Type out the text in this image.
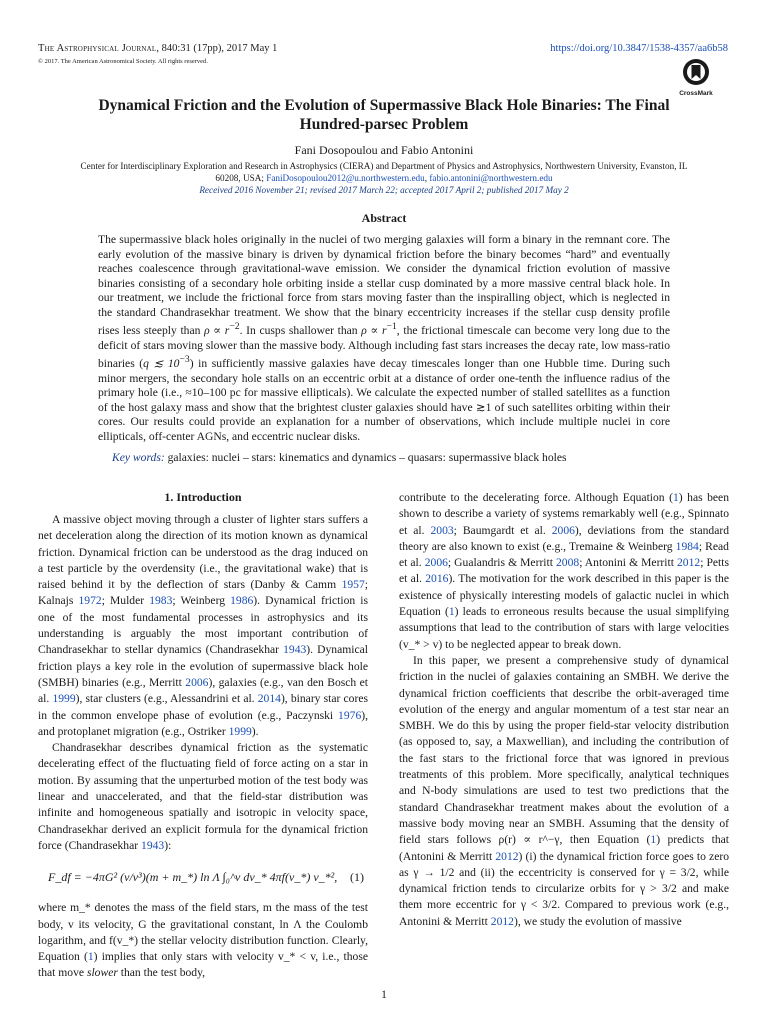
The Astrophysical Journal, 840:31 (17pp), 2017 May 1
© 2017. The American Astronomical Society. All rights reserved.
https://doi.org/10.3847/1538-4357/aa6b58
CrossMark
Dynamical Friction and the Evolution of Supermassive Black Hole Binaries: The Final
Hundred-parsec Problem
Fani Dosopoulou and Fabio Antonini
Center for Interdisciplinary Exploration and Research in Astrophysics (CIERA) and Department of Physics and Astrophysics, Northwestern University, Evanston, IL
60208, USA; FaniDosopoulou2012@u.northwestern.edu, fabio.antonini@northwestern.edu
Received 2016 November 21; revised 2017 March 22; accepted 2017 April 2; published 2017 May 2
Abstract
The supermassive black holes originally in the nuclei of two merging galaxies will form a binary in the remnant core. The early evolution of the massive binary is driven by dynamical friction before the binary becomes “hard” and eventually reaches coalescence through gravitational-wave emission. We consider the dynamical friction evolution of massive binaries consisting of a secondary hole orbiting inside a stellar cusp dominated by a more massive central black hole. In our treatment, we include the frictional force from stars moving faster than the inspiralling object, which is neglected in the standard Chandrasekhar treatment. We show that the binary eccentricity increases if the stellar cusp density profile rises less steeply than $\rho \propto r^{-2}$. In cusps shallower than $\rho \propto r^{-1}$, the frictional timescale can become very long due to the deficit of stars moving slower than the massive body. Although including fast stars increases the decay rate, low mass-ratio binaries (q ≲ $10^{-3}$) in sufficiently massive galaxies have decay timescales longer than one Hubble time. During such minor mergers, the secondary hole stalls on an eccentric orbit at a distance of order one-tenth the influence radius of the primary hole (i.e., ≈10–100 pc for massive ellipticals). We calculate the expected number of stalled satellites as a function of the host galaxy mass and show that the brightest cluster galaxies should have ≳1 of such satellites orbiting within their cores. Our results could provide an explanation for a number of observations, which include multiple nuclei in core ellipticals, off-center AGNs, and eccentric nuclear disks.
Key words: galaxies: nuclei – stars: kinematics and dynamics – quasars: supermassive black holes
1. Introduction

A massive object moving through a cluster of lighter stars suffers a net deceleration along the direction of its motion known as dynamical friction. Dynamical friction can be understood as the drag induced on a test particle by the overdensity (i.e., the gravitational wake) that is raised behind it by the deflection of stars (Danby & Camm 1957; Kalnajs 1972; Mulder 1983; Weinberg 1986). Dynamical friction is one of the most fundamental processes in astrophysics and its understanding is arguably the most important contribution of Chandrasekhar to stellar dynamics (Chandrasekhar 1943). Dynamical friction plays a key role in the evolution of supermassive black hole (SMBH) binaries (e.g., Merritt 2006), galaxies (e.g., van den Bosch et al. 1999), star clusters (e.g., Alessandrini et al. 2014), binary star cores in the common envelope phase of evolution (e.g., Paczynski 1976), and protoplanet migration (e.g., Ostriker 1999).

Chandrasekhar describes dynamical friction as the systematic decelerating effect of the fluctuating field of force acting on a star in motion. By assuming that the unperturbed motion of the test body was linear and unaccelerated, and that the field-star distribution was infinite and homogeneous spatially and isotropic in velocity space, Chandrasekhar derived an explicit formula for the dynamical friction force (Chandrasekhar 1943):

F_df = −4πG² (v/v³)(m + m_*) ln Λ ∫₀^v dv_* 4πf(v_*) v_*², (1)

where m_* denotes the mass of the field stars, m the mass of the test body, v its velocity, G the gravitational constant, ln Λ the Coulomb logarithm, and f(v_*) the stellar velocity distribution function. Clearly, Equation (1) implies that only stars with velocity v_* < v, i.e., those that move slower than the test body,

contribute to the decelerating force. Although Equation (1) has been shown to describe a variety of systems remarkably well (e.g., Spinnato et al. 2003; Baumgardt et al. 2006), deviations from the standard theory are also known to exist (e.g., Tremaine & Weinberg 1984; Read et al. 2006; Gualandris & Merritt 2008; Antonini & Merritt 2012; Petts et al. 2016). The motivation for the work described in this paper is the existence of physically interesting models of galactic nuclei in which Equation (1) leads to erroneous results because the usual simplifying assumptions that lead to the contribution of stars with large velocities (v_* > v) to be neglected appear to break down.

In this paper, we present a comprehensive study of dynamical friction in the nuclei of galaxies containing an SMBH. We derive the dynamical friction coefficients that describe the orbit-averaged time evolution of the energy and angular momentum of a test star near an SMBH. We do this by using the proper field-star velocity distribution (as opposed to, say, a Maxwellian), and including the contribution of the fast stars to the frictional force that was ignored in previous treatments of this problem. More specifically, analytical techniques and N-body simulations are used to test two predictions that the standard Chandrasekhar treatment makes about the evolution of a massive body moving near an SMBH. Assuming that the density of field stars follows ρ(r) ∝ r^−γ, then Equation (1) predicts that (Antonini & Merritt 2012) (i) the dynamical friction force goes to zero as γ → 1/2 and (ii) the eccentricity is conserved for γ = 3/2, while dynamical friction tends to circularize orbits for γ > 3/2 and make them more eccentric for γ < 3/2. Compared to previous work (e.g., Antonini & Merritt 2012), we study the evolution of massive

1
